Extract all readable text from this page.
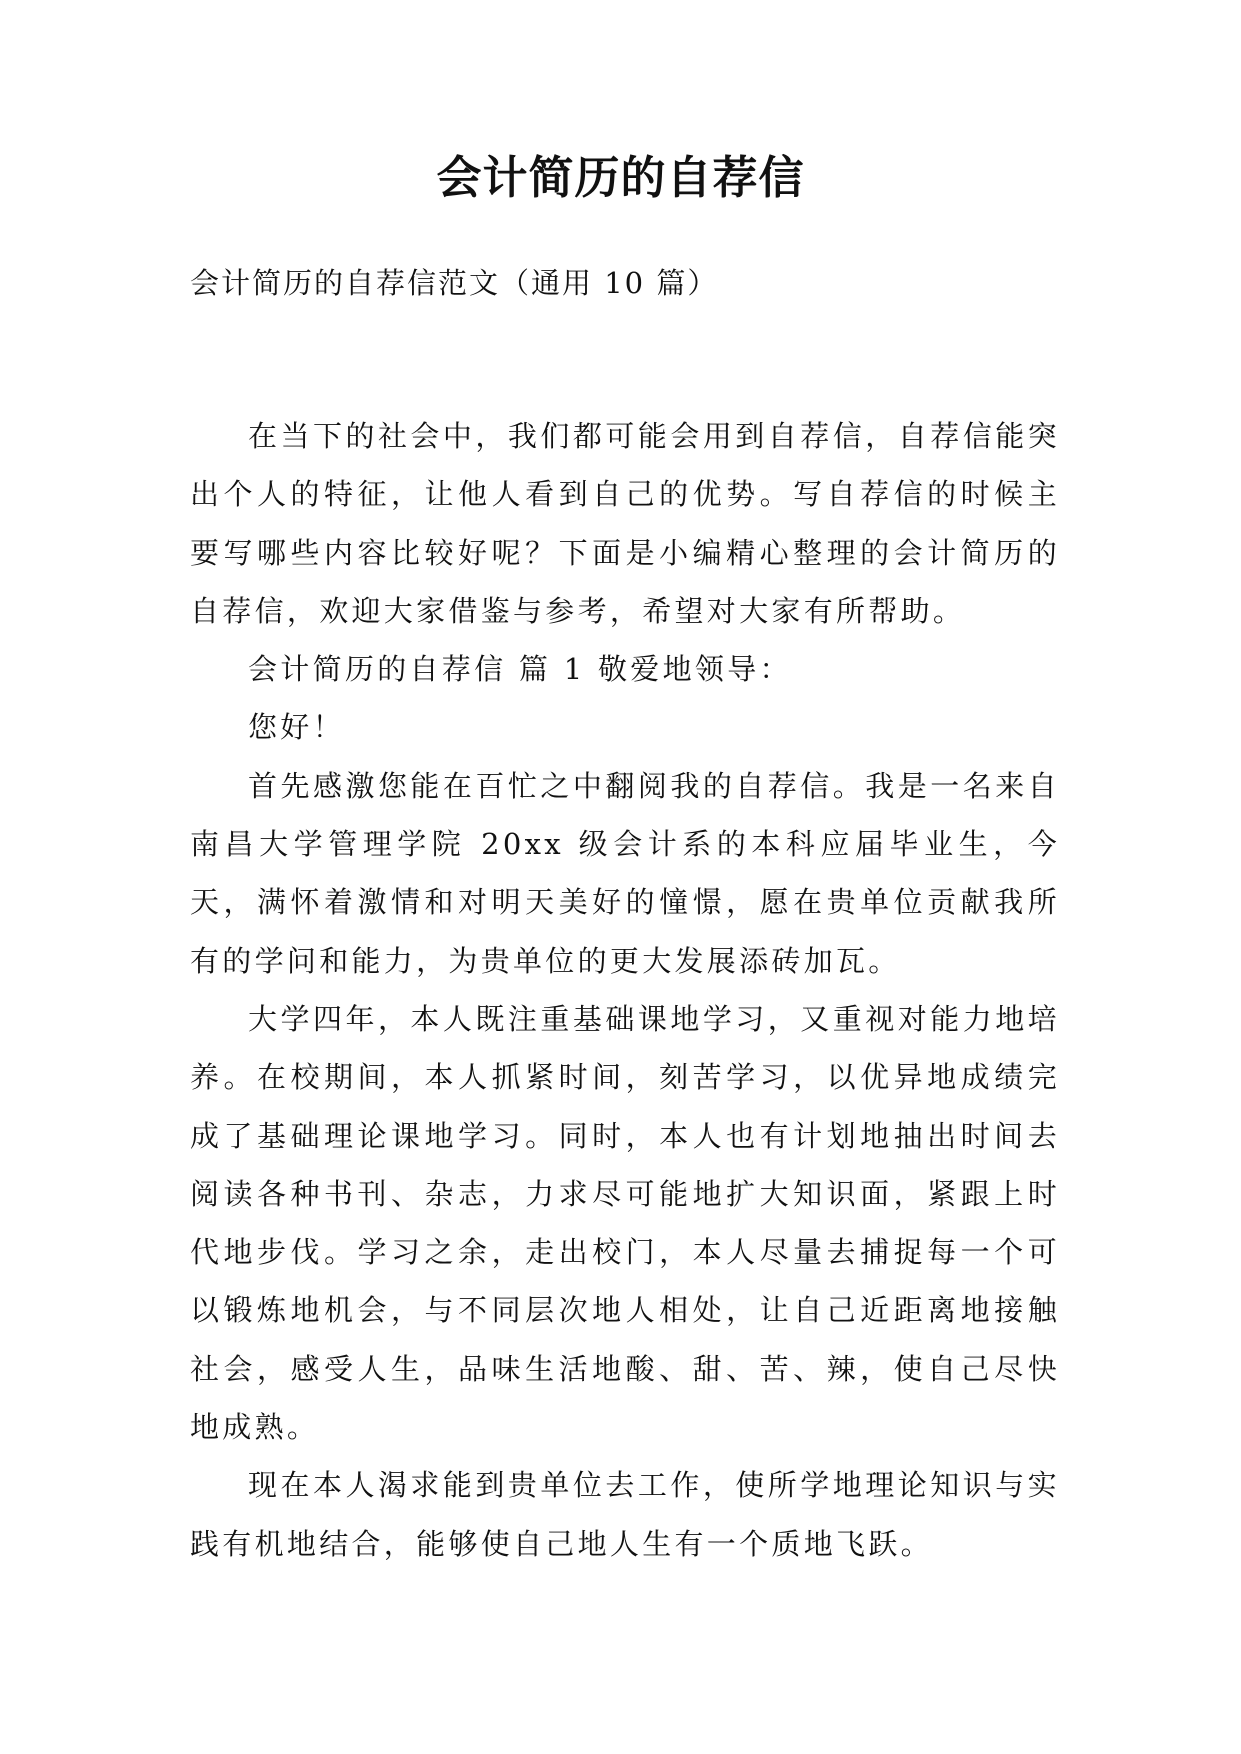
会计简历的自荐信

会计简历的自荐信范文（通用 10 篇）

在当下的社会中，我们都可能会用到自荐信，自荐信能突出个人的特征，让他人看到自己的优势。写自荐信的时候主要写哪些内容比较好呢？下面是小编精心整理的会计简历的自荐信，欢迎大家借鉴与参考，希望对大家有所帮助。

会计简历的自荐信 篇 1 敬爱地领导：

您好！

首先感激您能在百忙之中翻阅我的自荐信。我是一名来自南昌大学管理学院 20xx 级会计系的本科应届毕业生，今天，满怀着激情和对明天美好的憧憬，愿在贵单位贡献我所有的学问和能力，为贵单位的更大发展添砖加瓦。

大学四年，本人既注重基础课地学习，又重视对能力地培养。在校期间，本人抓紧时间，刻苦学习，以优异地成绩完成了基础理论课地学习。同时，本人也有计划地抽出时间去阅读各种书刊、杂志，力求尽可能地扩大知识面，紧跟上时代地步伐。学习之余，走出校门，本人尽量去捕捉每一个可以锻炼地机会，与不同层次地人相处，让自己近距离地接触社会，感受人生，品味生活地酸、甜、苦、辣，使自己尽快地成熟。

现在本人渴求能到贵单位去工作，使所学地理论知识与实践有机地结合，能够使自己地人生有一个质地飞跃。
